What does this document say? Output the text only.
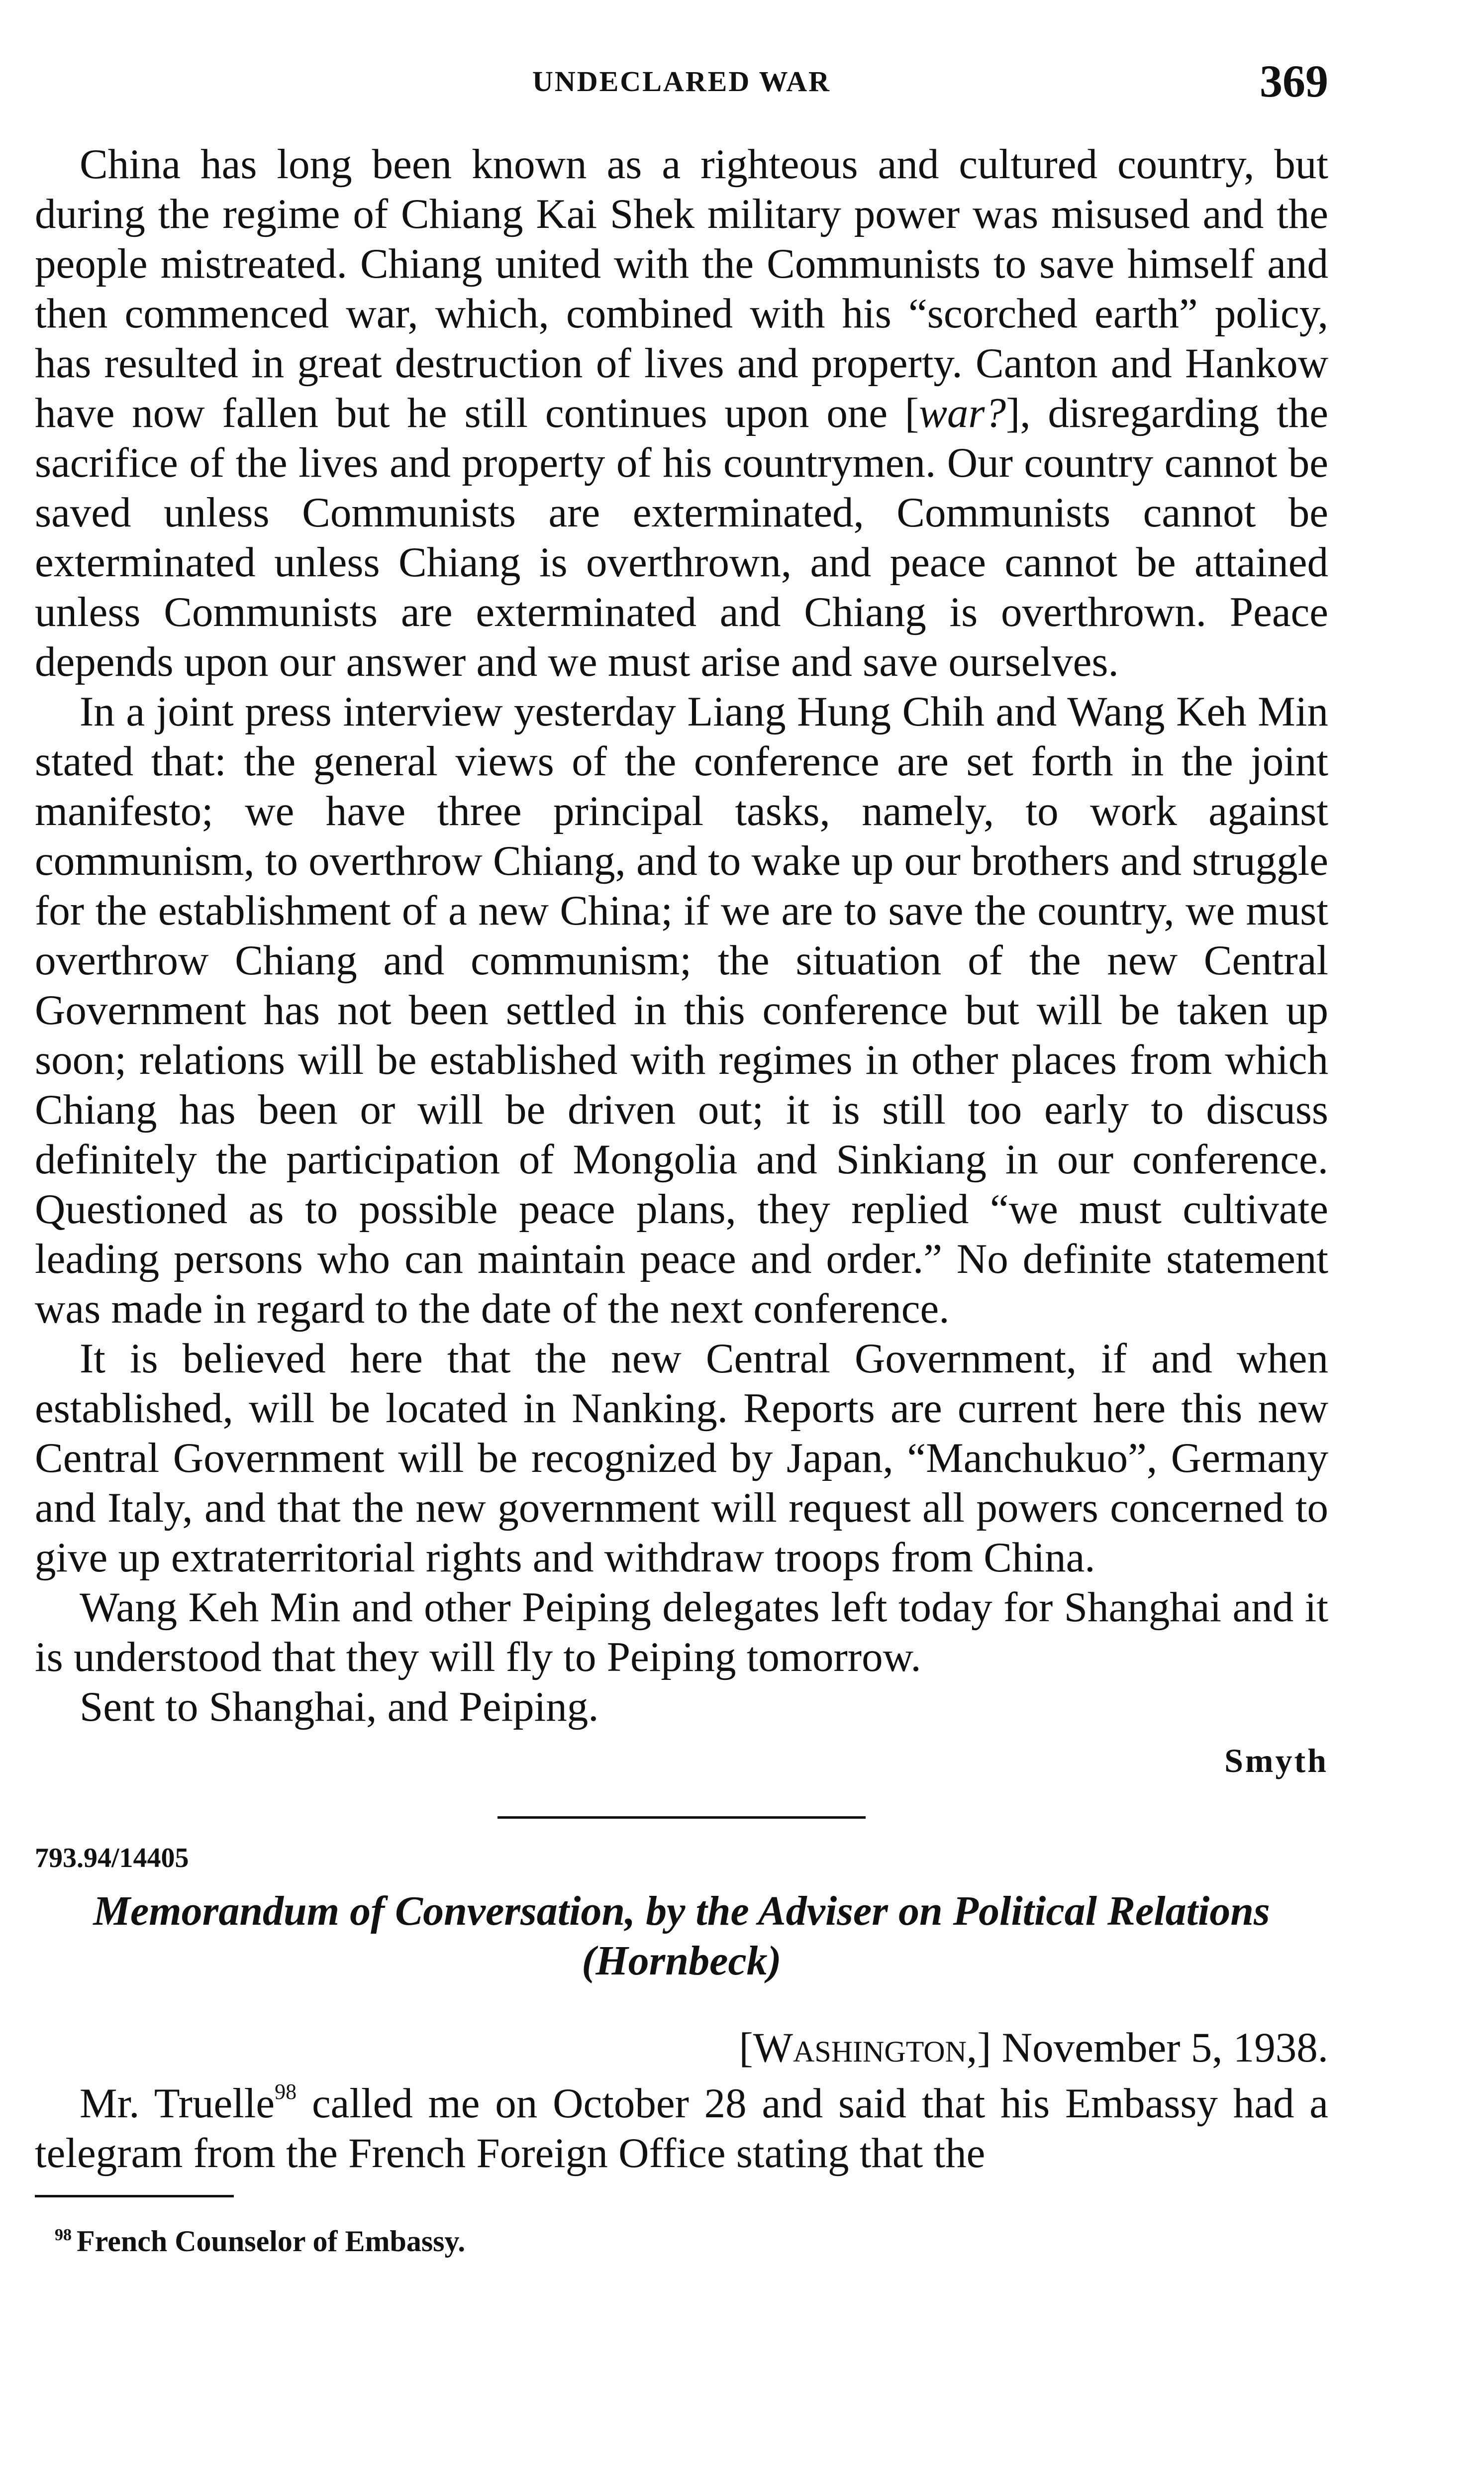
UNDECLARED WAR	369

China has long been known as a righteous and cultured country, but during the regime of Chiang Kai Shek military power was misused and the people mistreated. Chiang united with the Communists to save himself and then commenced war, which, combined with his “scorched earth” policy, has resulted in great destruction of lives and property. Canton and Hankow have now fallen but he still continues upon one [war?], disregarding the sacrifice of the lives and property of his countrymen. Our country cannot be saved unless Communists are exterminated, Communists cannot be exterminated unless Chiang is overthrown, and peace cannot be attained unless Communists are exterminated and Chiang is overthrown. Peace depends upon our answer and we must arise and save ourselves.

In a joint press interview yesterday Liang Hung Chih and Wang Keh Min stated that: the general views of the conference are set forth in the joint manifesto; we have three principal tasks, namely, to work against communism, to overthrow Chiang, and to wake up our brothers and struggle for the establishment of a new China; if we are to save the country, we must overthrow Chiang and communism; the situation of the new Central Government has not been settled in this conference but will be taken up soon; relations will be established with regimes in other places from which Chiang has been or will be driven out; it is still too early to discuss definitely the participation of Mongolia and Sinkiang in our conference. Questioned as to possible peace plans, they replied “we must cultivate leading persons who can maintain peace and order.” No definite statement was made in regard to the date of the next conference.

It is believed here that the new Central Government, if and when established, will be located in Nanking. Reports are current here this new Central Government will be recognized by Japan, “Manchukuo”, Germany and Italy, and that the new government will request all powers concerned to give up extraterritorial rights and withdraw troops from China.

Wang Keh Min and other Peiping delegates left today for Shanghai and it is understood that they will fly to Peiping tomorrow.

Sent to Shanghai, and Peiping.

Smyth
793.94/14405
Memorandum of Conversation, by the Adviser on Political Relations
(Hornbeck)
[Washington,] November 5, 1938.

Mr. Truelle$^{98}$ called me on October 28 and said that his Embassy had a telegram from the French Foreign Office stating that the

$^{98}$ French Counselor of Embassy.
